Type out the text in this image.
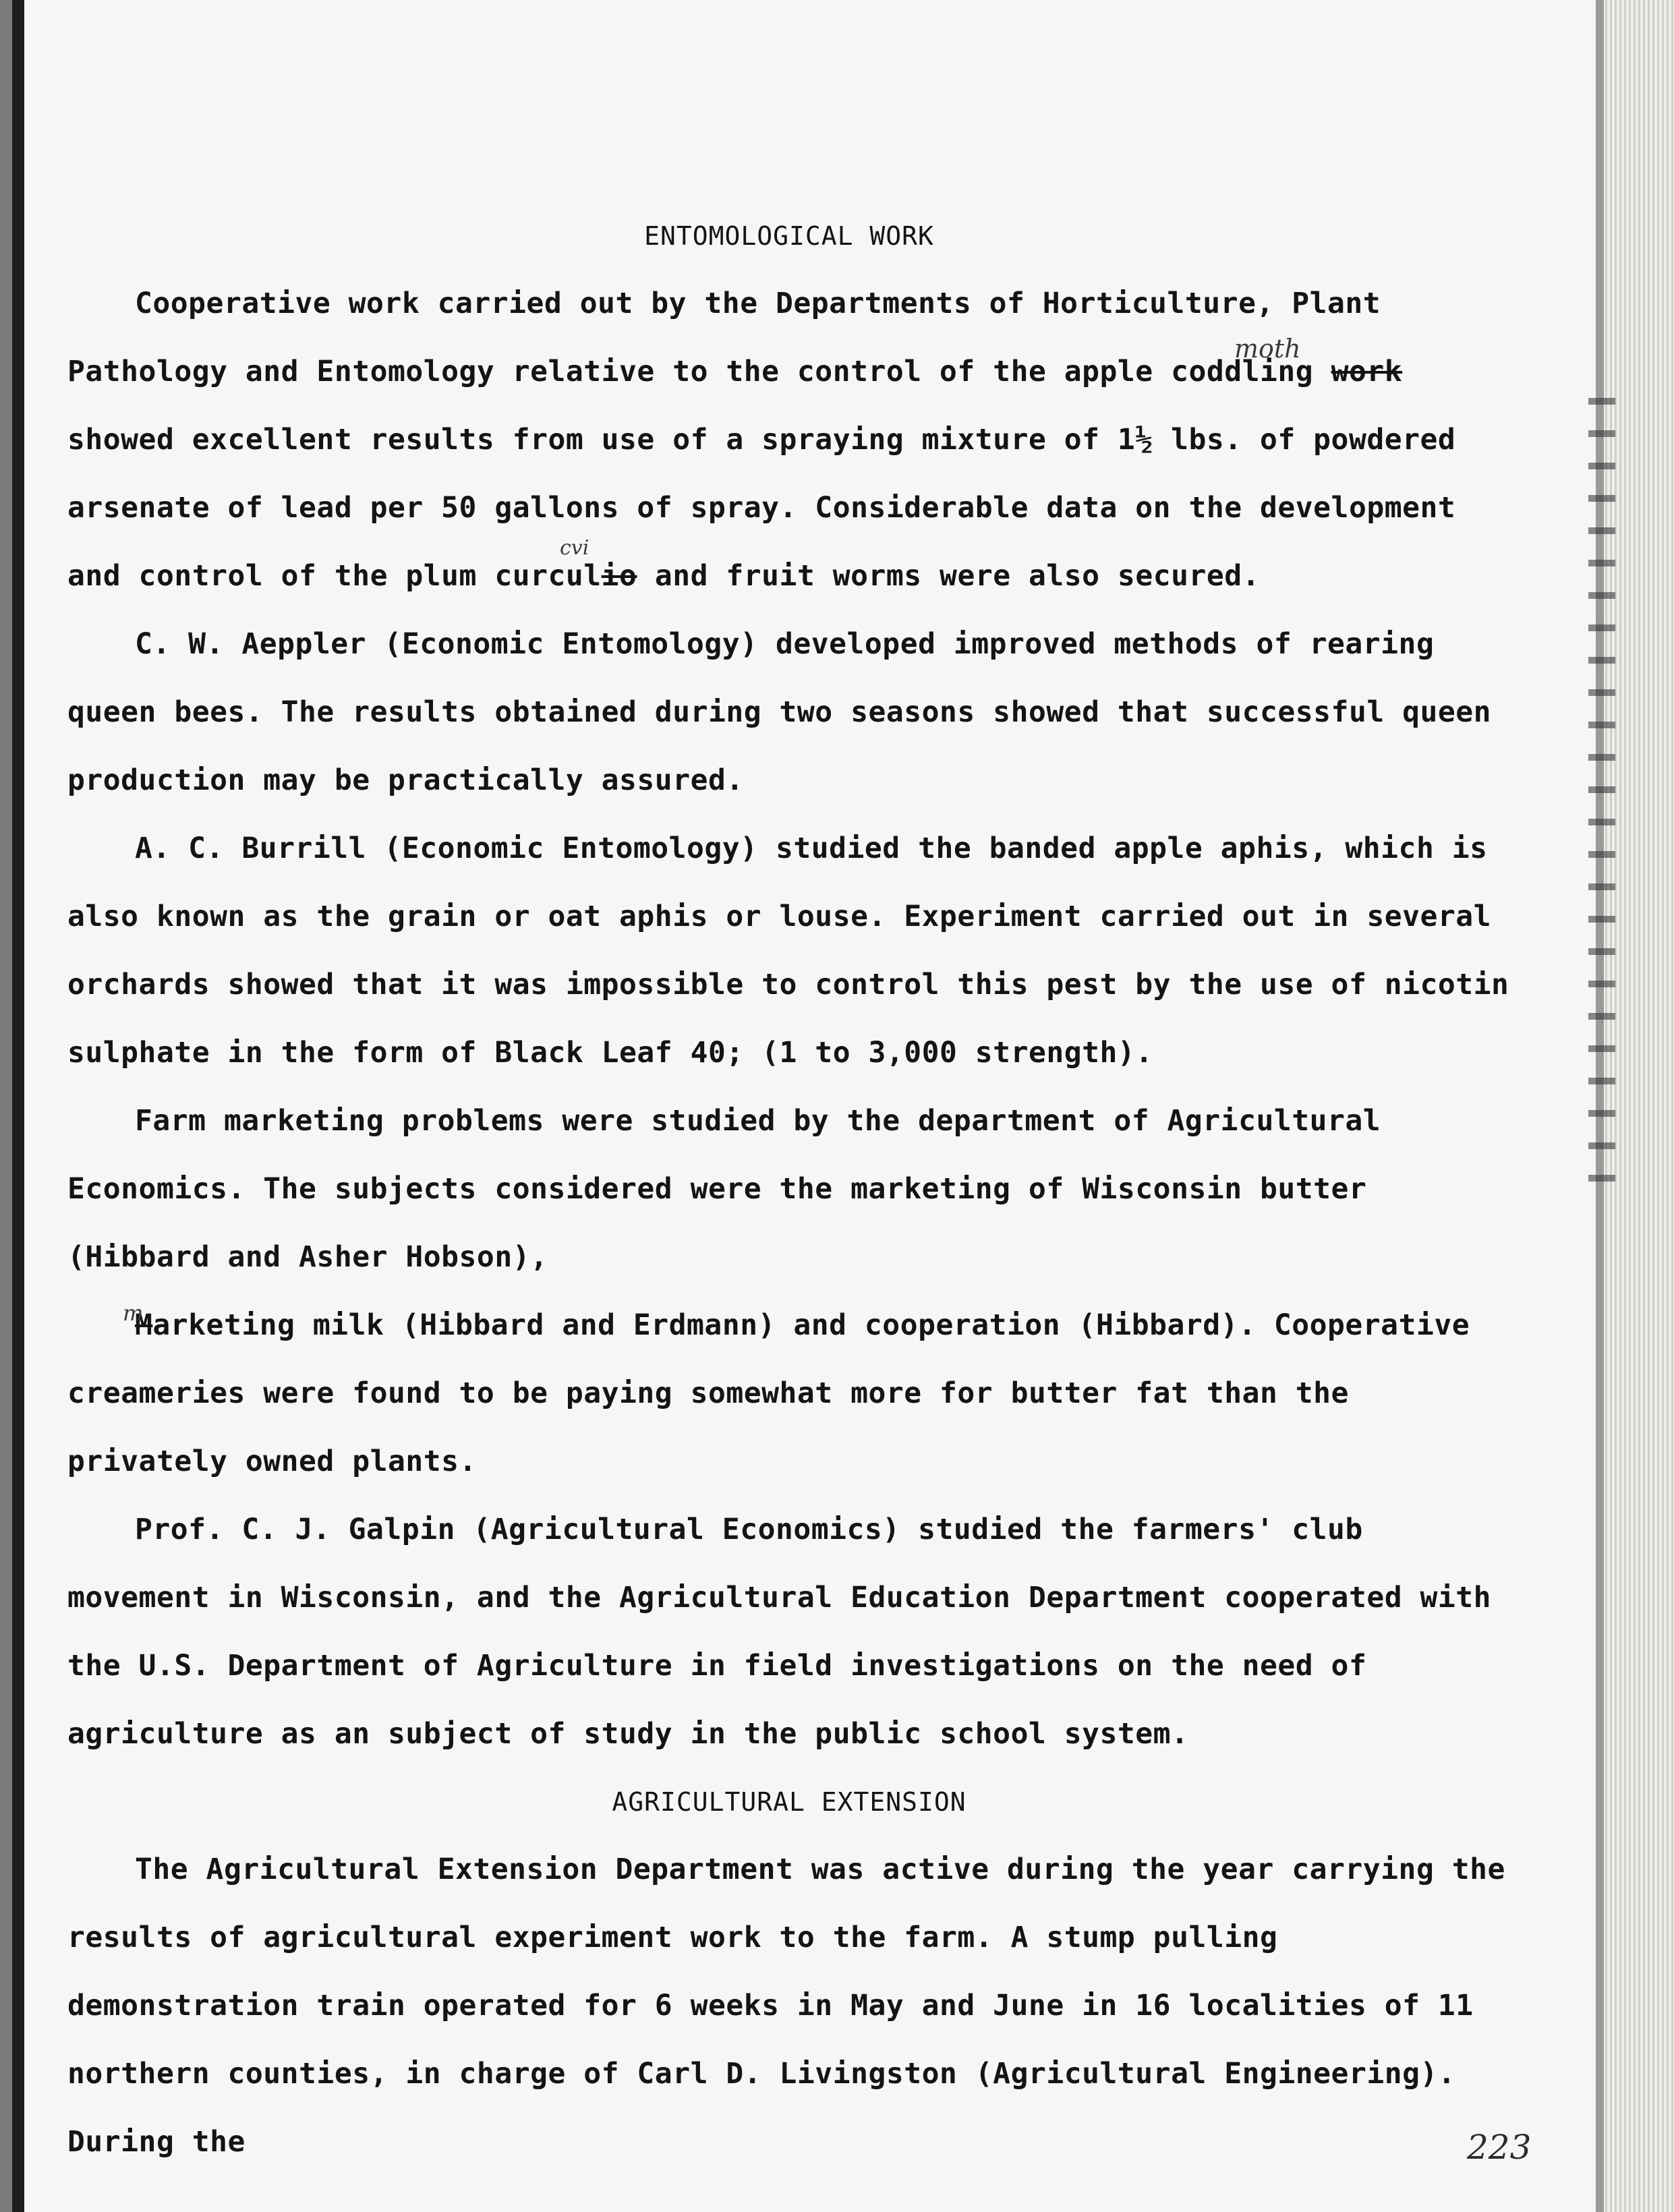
ENTOMOLOGICAL WORK

Cooperative work carried out by the Departments of Horticulture, Plant Pathology and Entomology relative to the control of the apple coddling work showed excellent results from use of a spraying mixture of 1½ lbs. of powdered arsenate of lead per 50 gallons of spray. Considerable data on the development and control of the plum curculio and fruit worms were also secured.

C. W. Aeppler (Economic Entomology) developed improved methods of rearing queen bees. The results obtained during two seasons showed that successful queen production may be practically assured.

A. C. Burrill (Economic Entomology) studied the banded apple aphis, which is also known as the grain or oat aphis or louse. Experiment carried out in several orchards showed that it was impossible to control this pest by the use of nicotin sulphate in the form of Black Leaf 40; (1 to 3,000 strength).

Farm marketing problems were studied by the department of Agricultural Economics. The subjects considered were the marketing of Wisconsin butter (Hibbard and Asher Hobson),

Marketing milk (Hibbard and Erdmann) and cooperation (Hibbard). Cooperative creameries were found to be paying somewhat more for butter fat than the privately owned plants.

Prof. C. J. Galpin (Agricultural Economics) studied the farmers' club movement in Wisconsin, and the Agricultural Education Department cooperated with the U.S. Department of Agriculture in field investigations on the need of agriculture as an subject of study in the public school system.

AGRICULTURAL EXTENSION

The Agricultural Extension Department was active during the year carrying the results of agricultural experiment work to the farm. A stump pulling demonstration train operated for 6 weeks in May and June in 16 localities of 11 northern counties, in charge of Carl D. Livingston (Agricultural Engineering). During the

moth
cvi
m
223
